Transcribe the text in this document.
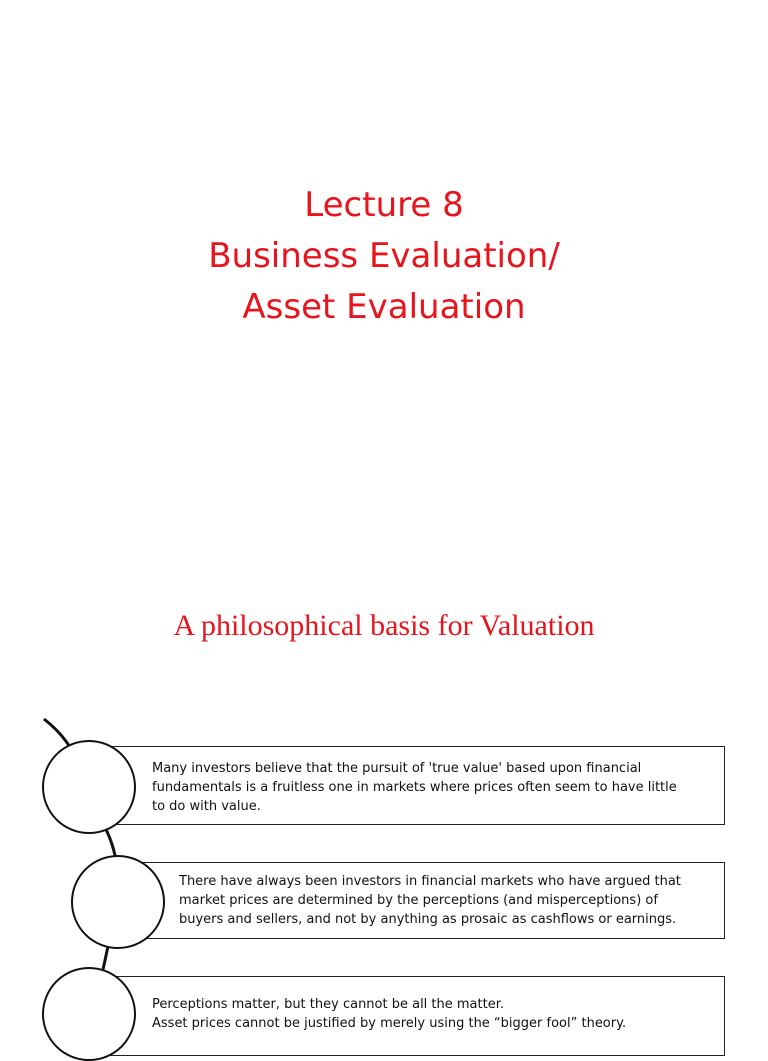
Lecture 8
Business Evaluation/
Asset Evaluation
A philosophical basis for Valuation

Many investors believe that the pursuit of 'true value' based upon financial

fundamentals is a fruitless one in markets where prices often seem to have little

to do with value.

There have always been investors in financial markets who have argued that

market prices are determined by the perceptions (and misperceptions) of

buyers and sellers, and not by anything as prosaic as cashflows or earnings.

Perceptions matter, but they cannot be all the matter.

Asset prices cannot be justified by merely using the “bigger fool” theory.
